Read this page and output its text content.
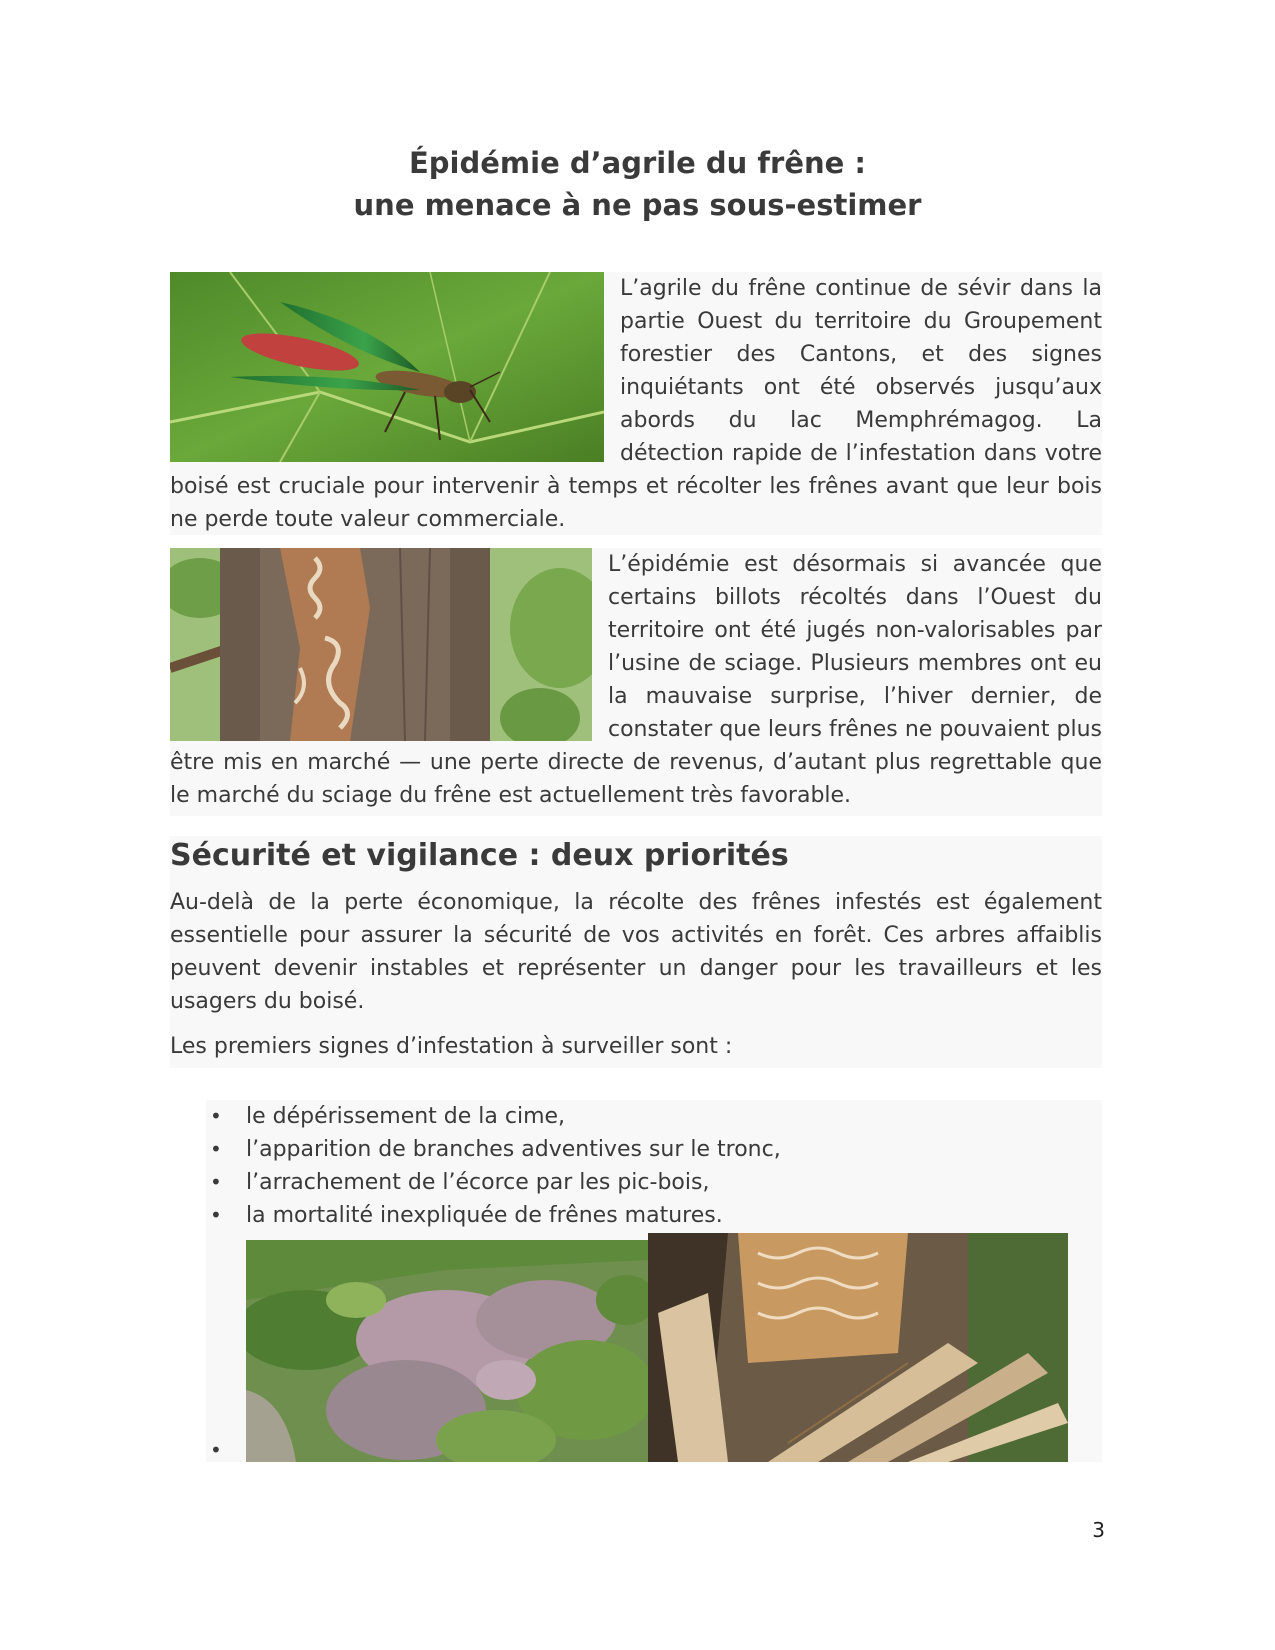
Épidémie d’agrile du frêne :
une menace à ne pas sous-estimer

L’agrile du frêne continue de sévir dans la partie Ouest du territoire du Groupement forestier des Cantons, et des signes inquiétants ont été observés jusqu’aux abords du lac Memphrémagog. La détection rapide de l’infestation dans votre boisé est cruciale pour intervenir à temps et récolter les frênes avant que leur bois ne perde toute valeur commerciale.

L’épidémie est désormais si avancée que certains billots récoltés dans l’Ouest du territoire ont été jugés non-valorisables par l’usine de sciage. Plusieurs membres ont eu la mauvaise surprise, l’hiver dernier, de constater que leurs frênes ne pouvaient plus être mis en marché — une perte directe de revenus, d’autant plus regrettable que le marché du sciage du frêne est actuellement très favorable.

Sécurité et vigilance : deux priorités

Au-delà de la perte économique, la récolte des frênes infestés est également essentielle pour assurer la sécurité de vos activités en forêt. Ces arbres affaiblis peuvent devenir instables et représenter un danger pour les travailleurs et les usagers du boisé.

Les premiers signes d’infestation à surveiller sont :

• le dépérissement de la cime,
• l’apparition de branches adventives sur le tronc,
• l’arrachement de l’écorce par les pic-bois,
• la mortalité inexpliquée de frênes matures.
•
3
